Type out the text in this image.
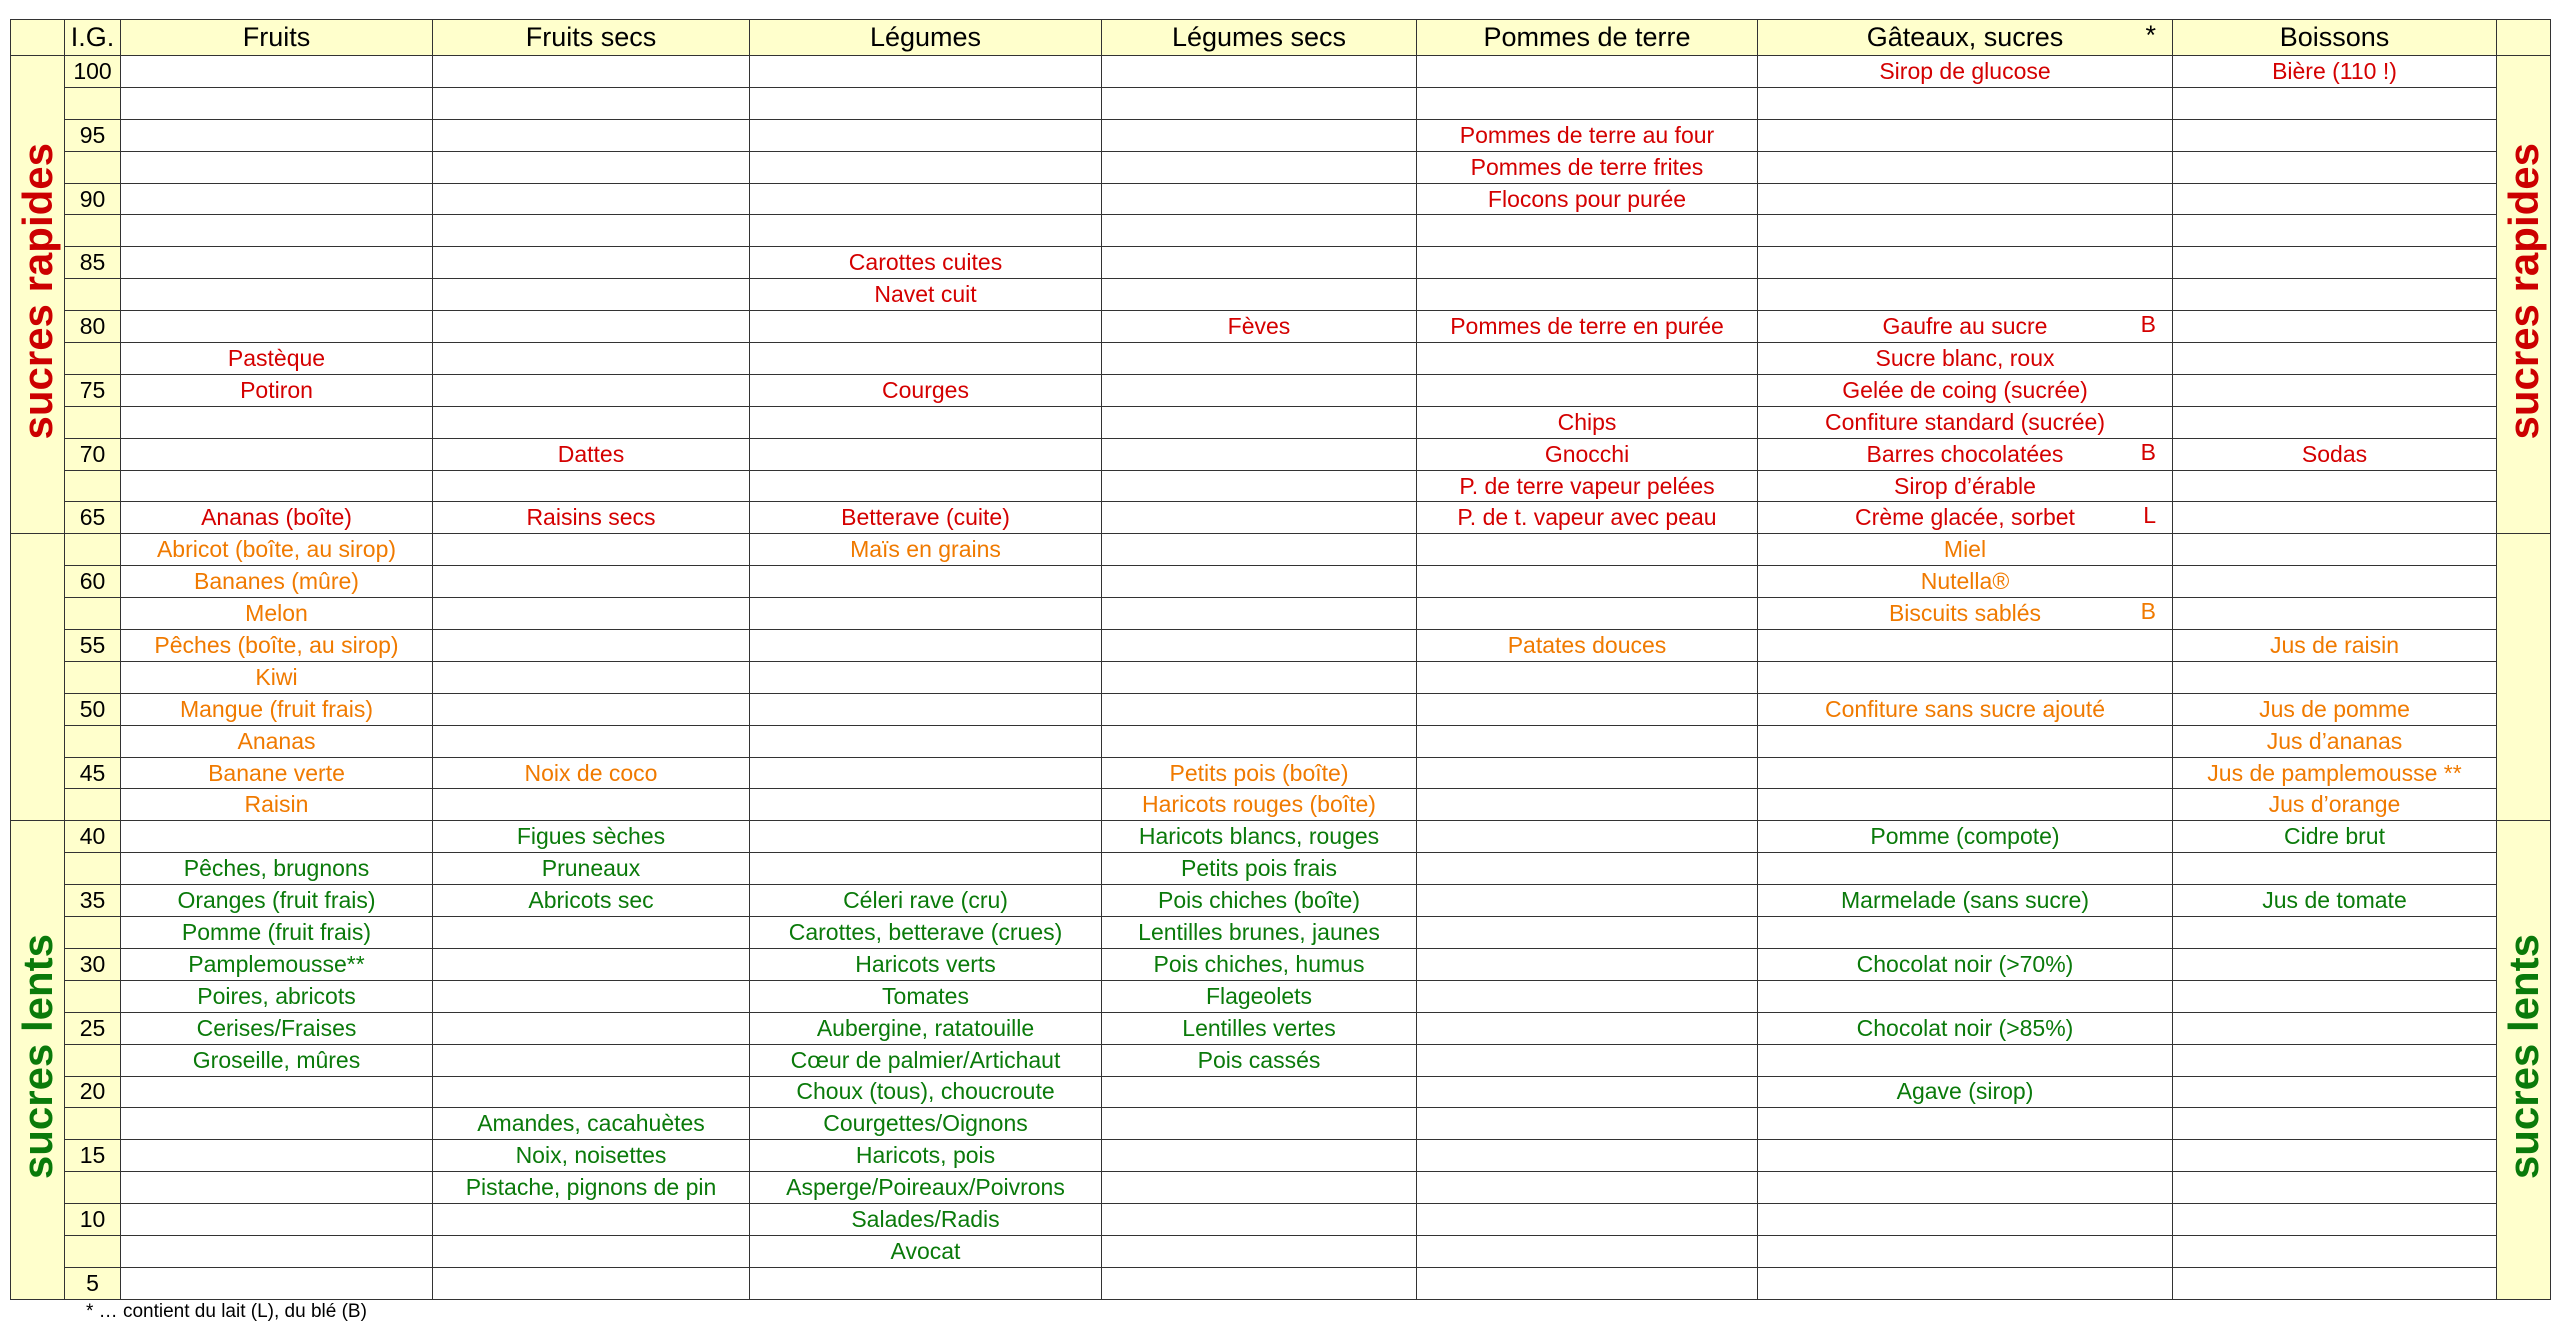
	I.G.	Fruits	Fruits secs	Légumes	Légumes secs	Pommes de terre	Gâteaux, sucres *	Boissons	
sucres rapides	100						Sirop de glucose	Bière (110 !)	sucres rapides

	95					Pommes de terre au four			
						Pommes de terre frites			
	90					Flocons pour purée			

	85			Carottes cuites					
				Navet cuit					
	80				Fèves	Pommes de terre en purée	Gaufre au sucre B		

		Pastèque					Sucre blanc, roux		
	75	Potiron		Courges			Gelée de coing (sucrée)		
						Chips	Confiture standard (sucrée)		
	70		Dattes			Gnocchi	Barres chocolatées B	Sodas	
						P. de terre vapeur pelées	Sirop d’érable		
	65	Ananas (boîte)	Raisins secs	Betterave (cuite)		P. de t. vapeur avec peau	Crème glacée, sorbet L		

		Abricot (boîte, au sirop)		Maïs en grains			Miel		
	60	Bananes (mûre)					Nutella®		
		Melon					Biscuits sablés B		

	55	Pêches (boîte, au sirop)				Patates douces		Jus de raisin	
		Kiwi							
	50	Mangue (fruit frais)					Confiture sans sucre ajouté	Jus de pomme	
		Ananas						Jus d’ananas	
	45	Banane verte	Noix de coco		Petits pois (boîte)			Jus de pamplemousse **	
		Raisin			Haricots rouges (boîte)			Jus d’orange	
sucres lents	40		Figues sèches		Haricots blancs, rouges		Pomme (compote)	Cidre brut	sucres lents
		Pêches, brugnons	Pruneaux		Petits pois frais				
	35	Oranges (fruit frais)	Abricots sec	Céleri rave (cru)	Pois chiches (boîte)		Marmelade (sans sucre)	Jus de tomate	
		Pomme (fruit frais)		Carottes, betterave (crues)	Lentilles brunes, jaunes				
	30	Pamplemousse**		Haricots verts	Pois chiches, humus		Chocolat noir (>70%)		
		Poires, abricots		Tomates	Flageolets				
	25	Cerises/Fraises		Aubergine, ratatouille	Lentilles vertes		Chocolat noir (>85%)		
		Groseille, mûres		Cœur de palmier/Artichaut	Pois cassés				
	20			Choux (tous), choucroute			Agave (sirop)		
			Amandes, cacahuètes	Courgettes/Oignons					
	15		Noix, noisettes	Haricots, pois					
			Pistache, pignons de pin	Asperge/Poireaux/Poivrons					
	10			Salades/Radis					
				Avocat					
	5								
* … contient du lait (L), du blé (B)
